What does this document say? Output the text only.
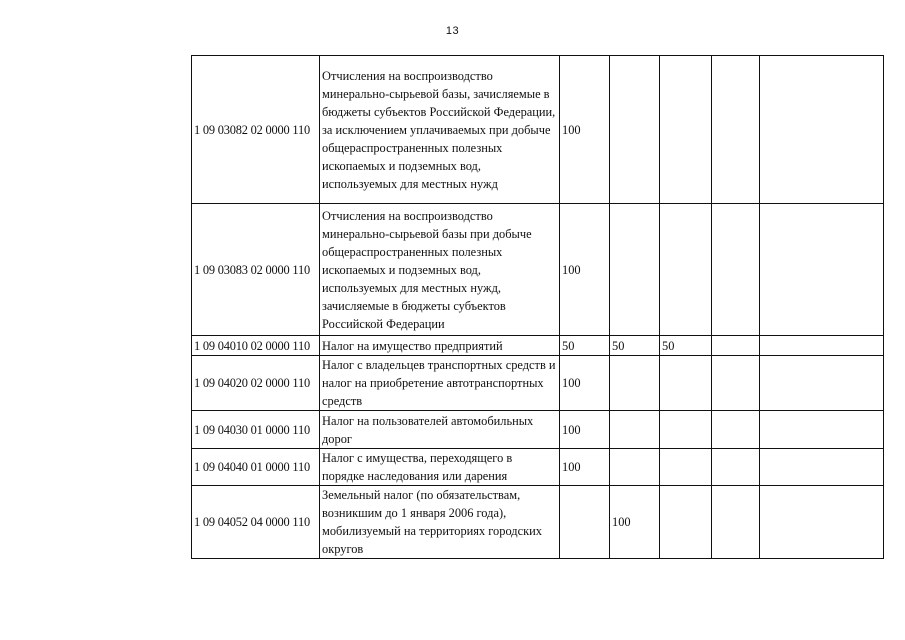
13
1 09 03082 02 0000 110	Отчисления на воспроизводство минерально-сырьевой базы, зачисляемые в бюджеты субъектов Российской Федерации, за исключением уплачиваемых при добыче общераспространенных полезных ископаемых и подземных вод, используемых для местных нужд	100				
1 09 03083 02 0000 110	Отчисления на воспроизводство минерально-сырьевой базы при добыче общераспространенных полезных ископаемых и подземных вод, используемых для местных нужд, зачисляемые в бюджеты субъектов Российской Федерации	100				
1 09 04010 02 0000 110	Налог на имущество предприятий	50	50	50		
1 09 04020 02 0000 110	Налог с владельцев транспортных средств и налог на приобретение автотранспортных средств	100				
1 09 04030 01 0000 110	Налог на пользователей автомобильных дорог	100				
1 09 04040 01 0000 110	Налог с имущества, переходящего в порядке наследования или дарения	100				
1 09 04052 04 0000 110	Земельный налог (по обязательствам, возникшим до 1 января 2006 года), мобилизуемый на территориях городских округов		100			
